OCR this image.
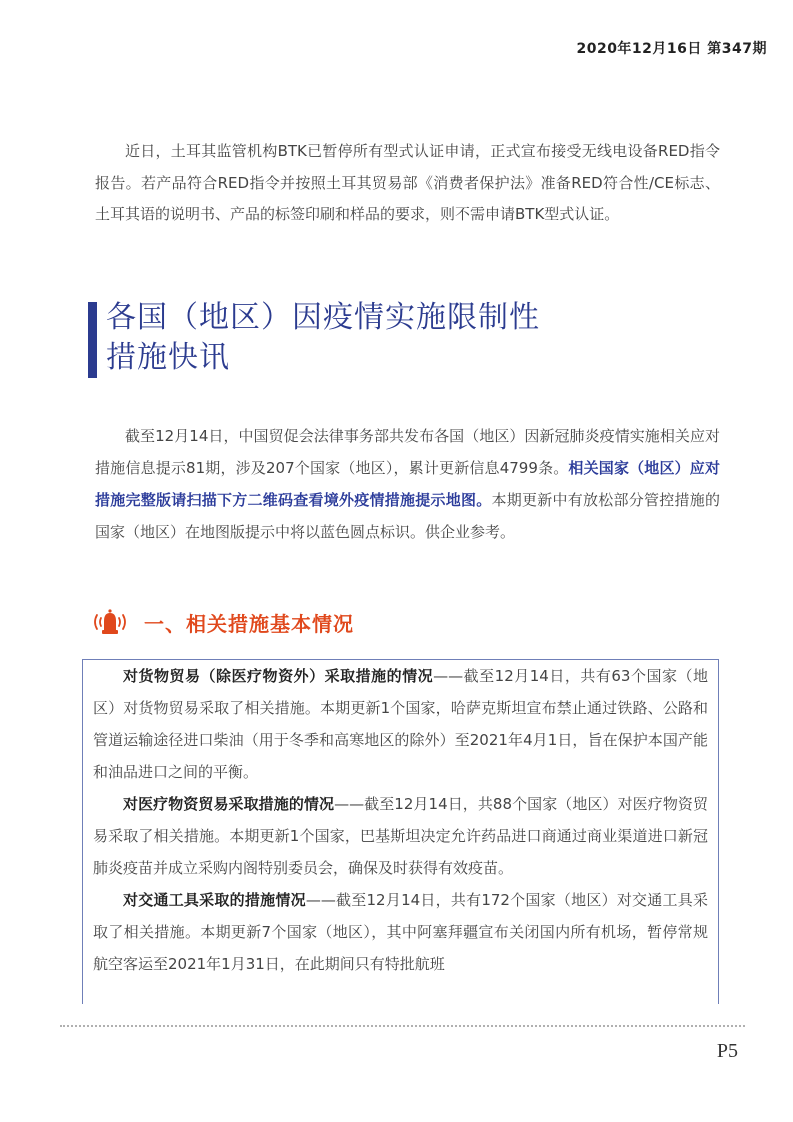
2020年12月16日 第347期

近日，土耳其监管机构BTK已暂停所有型式认证申请，正式宣布接受无线电设备RED指令报告。若产品符合RED指令并按照土耳其贸易部《消费者保护法》准备RED符合性/CE标志、土耳其语的说明书、产品的标签印刷和样品的要求，则不需申请BTK型式认证。

各国（地区）因疫情实施限制性
措施快讯

截至12月14日，中国贸促会法律事务部共发布各国（地区）因新冠肺炎疫情实施相关应对措施信息提示81期，涉及207个国家（地区），累计更新信息4799条。相关国家（地区）应对措施完整版请扫描下方二维码查看境外疫情措施提示地图。本期更新中有放松部分管控措施的国家（地区）在地图版提示中将以蓝色圆点标识。供企业参考。

一、相关措施基本情况

对货物贸易（除医疗物资外）采取措施的情况——截至12月14日，共有63个国家（地区）对货物贸易采取了相关措施。本期更新1个国家，哈萨克斯坦宣布禁止通过铁路、公路和管道运输途径进口柴油（用于冬季和高寒地区的除外）至2021年4月1日，旨在保护本国产能和油品进口之间的平衡。

对医疗物资贸易采取措施的情况——截至12月14日，共88个国家（地区）对医疗物资贸易采取了相关措施。本期更新1个国家，巴基斯坦决定允许药品进口商通过商业渠道进口新冠肺炎疫苗并成立采购内阁特别委员会，确保及时获得有效疫苗。

对交通工具采取的措施情况——截至12月14日，共有172个国家（地区）对交通工具采取了相关措施。本期更新7个国家（地区），其中阿塞拜疆宣布关闭国内所有机场，暂停常规航空客运至2021年1月31日，在此期间只有特批航班

P5
